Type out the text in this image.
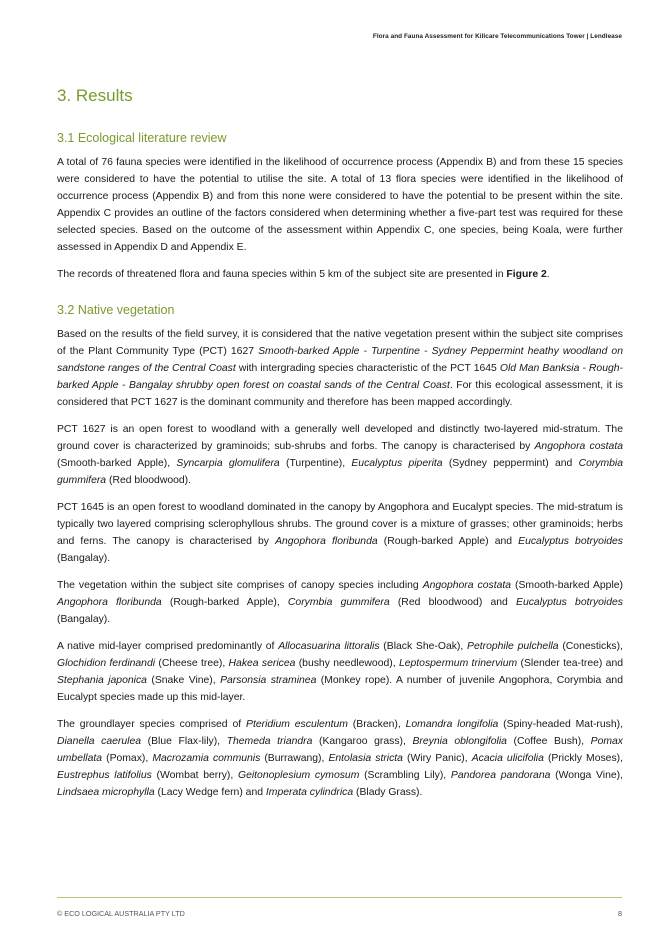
Flora and Fauna Assessment for Killcare Telecommunications Tower | Lendlease
3. Results
3.1 Ecological literature review

A total of 76 fauna species were identified in the likelihood of occurrence process (Appendix B) and from these 15 species were considered to have the potential to utilise the site. A total of 13 flora species were identified in the likelihood of occurrence process (Appendix B) and from this none were considered to have the potential to be present within the site. Appendix C provides an outline of the factors considered when determining whether a five-part test was required for these selected species. Based on the outcome of the assessment within Appendix C, one species, being Koala, were further assessed in Appendix D and Appendix E.

The records of threatened flora and fauna species within 5 km of the subject site are presented in Figure 2.

3.2 Native vegetation

Based on the results of the field survey, it is considered that the native vegetation present within the subject site comprises of the Plant Community Type (PCT) 1627 Smooth-barked Apple - Turpentine - Sydney Peppermint heathy woodland on sandstone ranges of the Central Coast with intergrading species characteristic of the PCT 1645 Old Man Banksia - Rough-barked Apple - Bangalay shrubby open forest on coastal sands of the Central Coast. For this ecological assessment, it is considered that PCT 1627 is the dominant community and therefore has been mapped accordingly.

PCT 1627 is an open forest to woodland with a generally well developed and distinctly two-layered mid-stratum. The ground cover is characterized by graminoids; sub-shrubs and forbs. The canopy is characterised by Angophora costata (Smooth-barked Apple), Syncarpia glomulifera (Turpentine), Eucalyptus piperita (Sydney peppermint) and Corymbia gummifera (Red bloodwood).

PCT 1645 is an open forest to woodland dominated in the canopy by Angophora and Eucalypt species. The mid-stratum is typically two layered comprising sclerophyllous shrubs. The ground cover is a mixture of grasses; other graminoids; herbs and ferns. The canopy is characterised by Angophora floribunda (Rough-barked Apple) and Eucalyptus botryoides (Bangalay).

The vegetation within the subject site comprises of canopy species including Angophora costata (Smooth-barked Apple) Angophora floribunda (Rough-barked Apple), Corymbia gummifera (Red bloodwood) and Eucalyptus botryoides (Bangalay).

A native mid-layer comprised predominantly of Allocasuarina littoralis (Black She-Oak), Petrophile pulchella (Conesticks), Glochidion ferdinandi (Cheese tree), Hakea sericea (bushy needlewood), Leptospermum trinervium (Slender tea-tree) and Stephania japonica (Snake Vine), Parsonsia straminea (Monkey rope). A number of juvenile Angophora, Corymbia and Eucalypt species made up this mid-layer.

The groundlayer species comprised of Pteridium esculentum (Bracken), Lomandra longifolia (Spiny-headed Mat-rush), Dianella caerulea (Blue Flax-lily), Themeda triandra (Kangaroo grass), Breynia oblongifolia (Coffee Bush), Pomax umbellata (Pomax), Macrozamia communis (Burrawang), Entolasia stricta (Wiry Panic), Acacia ulicifolia (Prickly Moses), Eustrephus latifolius (Wombat berry), Geitonoplesium cymosum (Scrambling Lily), Pandorea pandorana (Wonga Vine), Lindsaea microphylla (Lacy Wedge fern) and Imperata cylindrica (Blady Grass).

© ECO LOGICAL AUSTRALIA PTY LTD	8
